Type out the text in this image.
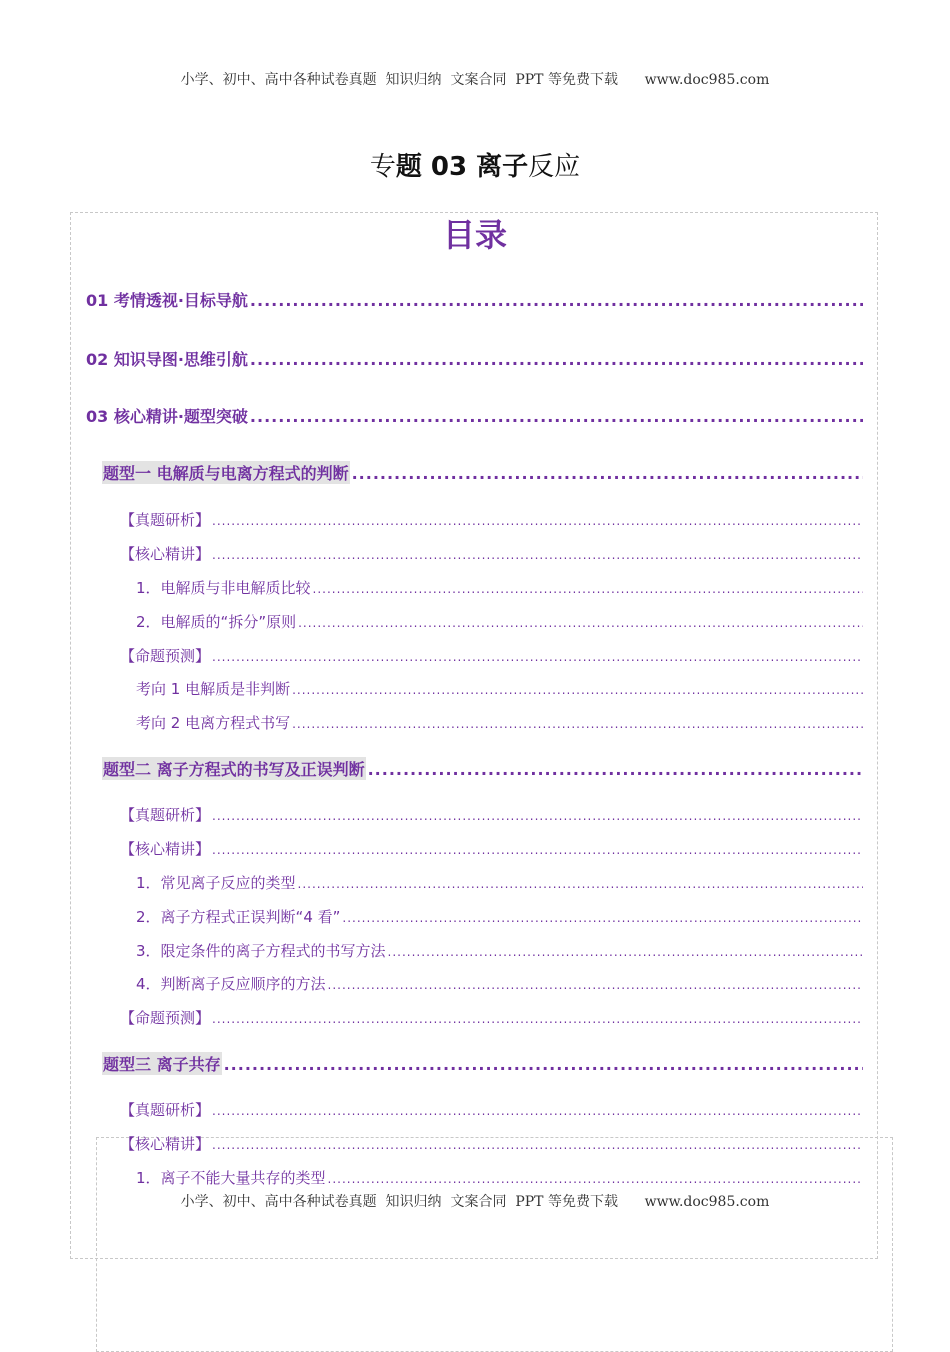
小学、初中、高中各种试卷真题  知识归纳  文案合同  PPT 等免费下载      www.doc985.com
专题 03 离子反应
目录
01 考情透视·目标导航
.....
02 知识导图·思维引航
.....
03 核心精讲·题型突破
.....
题型一 电解质与电离方程式的判断
.....
【真题研析】
.....
【核心精讲】
.....
1．电解质与非电解质比较
.....
2．电解质的“拆分”原则
.....
【命题预测】
.....
考向 1 电解质是非判断
.....
考向 2 电离方程式书写
.....
题型二 离子方程式的书写及正误判断
.....
【真题研析】
.....
【核心精讲】
.....
1．常见离子反应的类型
.....
2．离子方程式正误判断“4 看”
.....
3．限定条件的离子方程式的书写方法
.....
4．判断离子反应顺序的方法
.....
【命题预测】
.....
题型三 离子共存
.....
【真题研析】
.....
【核心精讲】
.....
1．离子不能大量共存的类型
.....
小学、初中、高中各种试卷真题  知识归纳  文案合同  PPT 等免费下载      www.doc985.com
